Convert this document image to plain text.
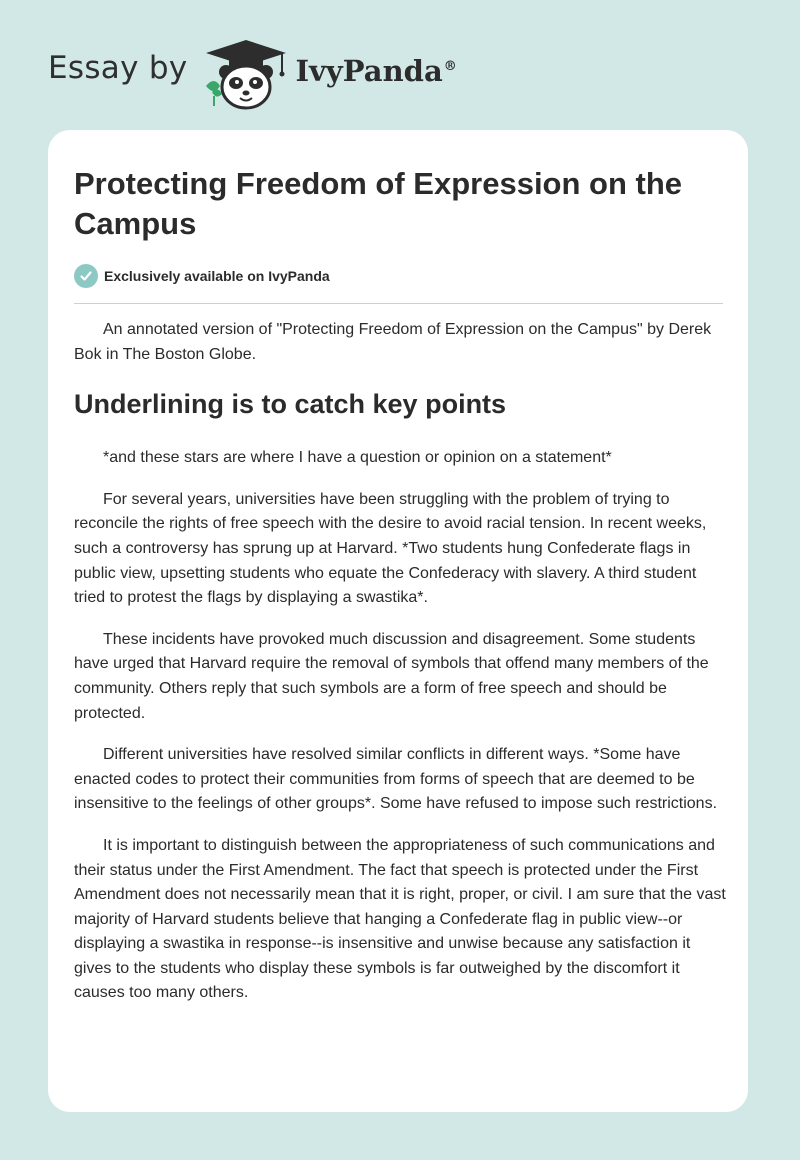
Essay by	IvyPanda®
Protecting Freedom of Expression on the Campus
Exclusively available on IvyPanda

An annotated version of "Protecting Freedom of Expression on the Campus" by Derek Bok in The Boston Globe.

Underlining is to catch key points

*and these stars are where I have a question or opinion on a statement*

For several years, universities have been struggling with the problem of trying to reconcile the rights of free speech with the desire to avoid racial tension. In recent weeks, such a controversy has sprung up at Harvard. *Two students hung Confederate flags in public view, upsetting students who equate the Confederacy with slavery. A third student tried to protest the flags by displaying a swastika*.

These incidents have provoked much discussion and disagreement. Some students have urged that Harvard require the removal of symbols that offend many members of the community. Others reply that such symbols are a form of free speech and should be protected.

Different universities have resolved similar conflicts in different ways. *Some have enacted codes to protect their communities from forms of speech that are deemed to be insensitive to the feelings of other groups*. Some have refused to impose such restrictions.

It is important to distinguish between the appropriateness of such communications and their status under the First Amendment. The fact that speech is protected under the First Amendment does not necessarily mean that it is right, proper, or civil. I am sure that the vast majority of Harvard students believe that hanging a Confederate flag in public view--or displaying a swastika in response--is insensitive and unwise because any satisfaction it gives to the students who display these symbols is far outweighed by the discomfort it causes too many others.
